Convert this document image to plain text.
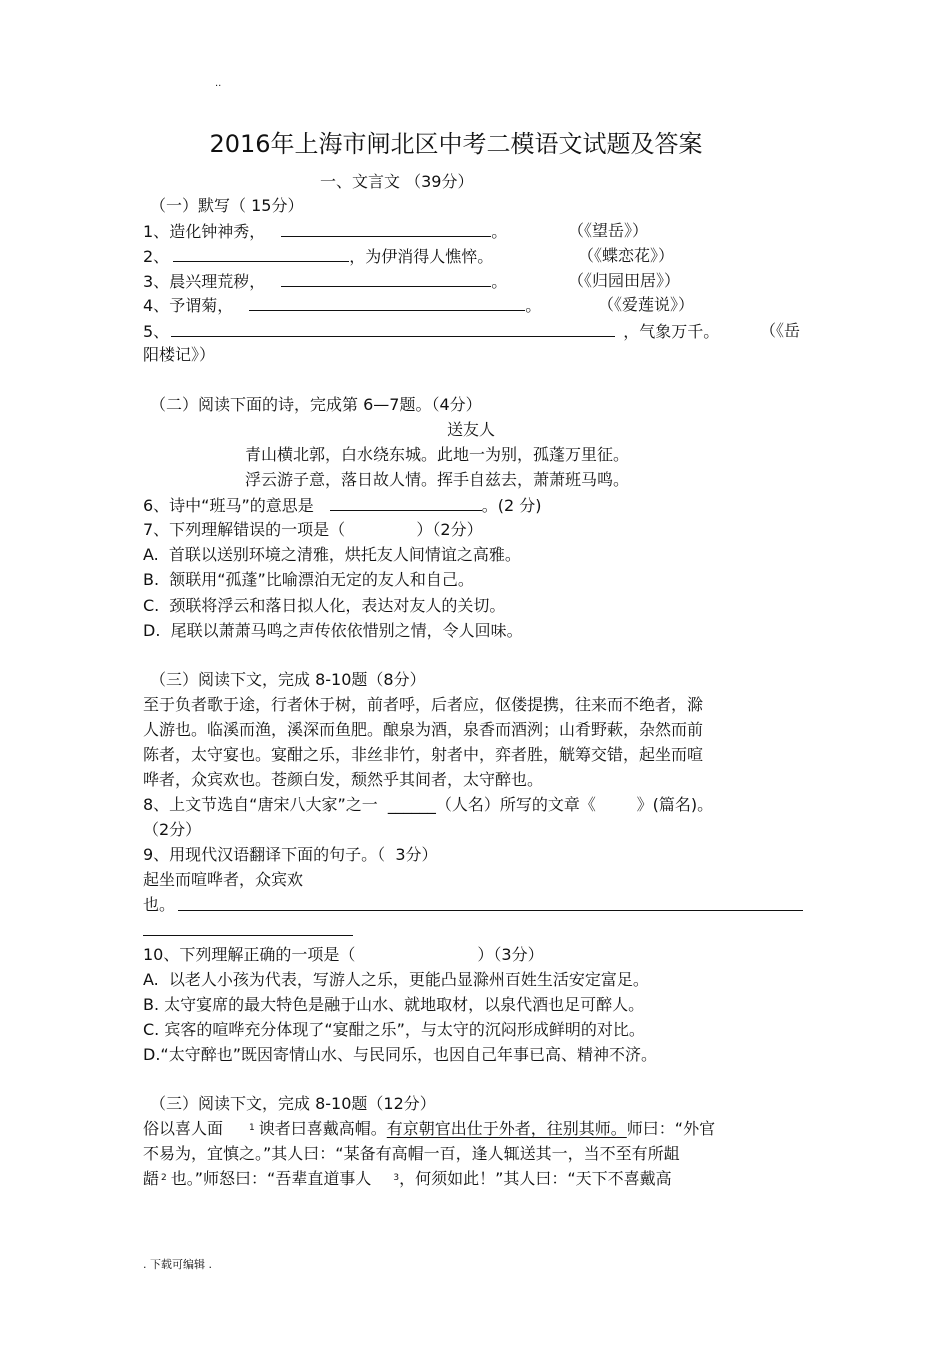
..
2016年上海市闸北区中考二模语文试题及答案
一、文言文 （39分）
（一）默写（ 15分）
1、造化钟神秀，	。	（《望岳》）
2、	，为伊消得人憔悴。	（《蝶恋花》）
3、晨兴理荒秽，	。	（《归园田居》）
4、予谓菊，	。	（《爱莲说》）
5、	，气象万千。	（《岳
阳楼记》）
（二）阅读下面的诗，完成第 6—7题。（4分）
送友人
青山横北郭，白水绕东城。此地一为别，孤蓬万里征。
浮云游子意，落日故人情。挥手自兹去，萧萧班马鸣。
6、诗中“班马”的意思是	。(2 分)
7、下列理解错误的一项是（              ）（2分）
A.  首联以送别环境之清雅，烘托友人间情谊之高雅。
B.  颔联用“孤蓬”比喻漂泊无定的友人和自己。
C.  颈联将浮云和落日拟人化，表达对友人的关切。
D.  尾联以萧萧马鸣之声传依依惜别之情，令人回味。
（三）阅读下文，完成 8-10题（8分）
至于负者歌于途，行者休于树，前者呼，后者应，伛偻提携，往来而不绝者，滁
人游也。临溪而渔，溪深而鱼肥。酿泉为酒，泉香而酒洌；山肴野蔌，杂然而前
陈者，太守宴也。宴酣之乐，非丝非竹，射者中，弈者胜，觥筹交错，起坐而喧
哗者，众宾欢也。苍颜白发，颓然乎其间者，太守醉也。
8、上文节选自“唐宋八大家”之一  ______（人名）所写的文章《        》(篇名)。
（2分）
9、用现代汉语翻译下面的句子。（  3分）
起坐而喧哗者，众宾欢
也。
10、下列理解正确的一项是（                        ）（3分）
A.  以老人小孩为代表，写游人之乐，更能凸显滁州百姓生活安定富足。
B. 太守宴席的最大特色是融于山水、就地取材，以泉代酒也足可醉人。
C. 宾客的喧哗充分体现了“宴酣之乐”，与太守的沉闷形成鲜明的对比。
D.“太守醉也”既因寄情山水、与民同乐，也因自己年事已高、精神不济。
（三）阅读下文，完成 8-10题（12分）
俗以喜人面	$^1$ 谀者曰喜戴高帽。有京朝官出仕于外者，往别其师。师曰：“外官
不易为，宜慎之。”其人曰：“某备有高帽一百，逢人辄送其一，当不至有所龃
龉 $^2$ 也。”师怒曰：“吾辈直道事人 $^3$，何须如此！”其人曰：“天下不喜戴高
. 下载可编辑 .
